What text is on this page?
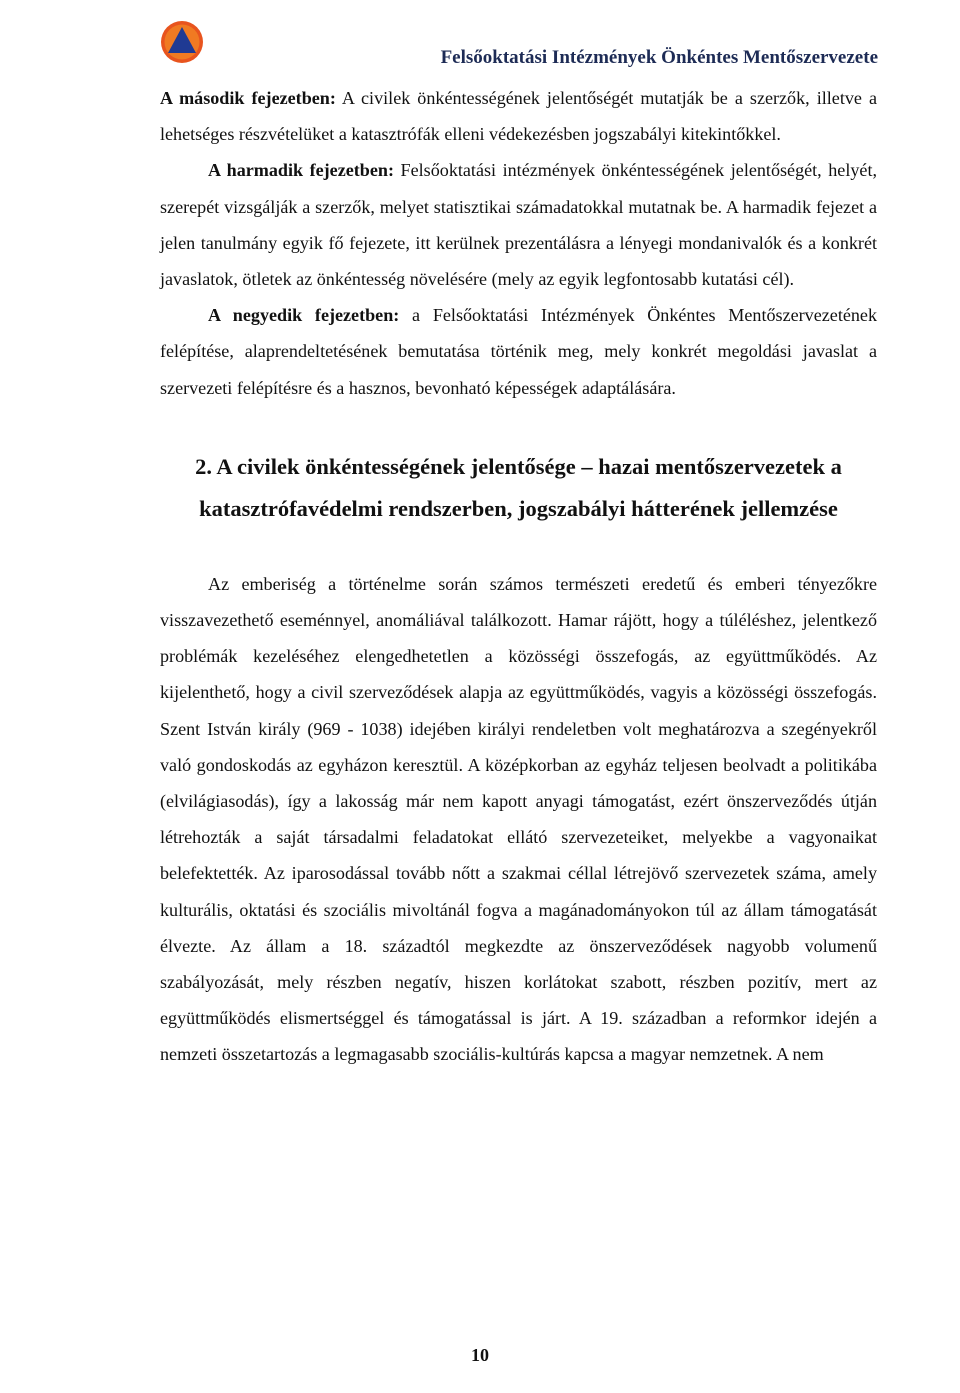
Felsőoktatási Intézmények Önkéntes Mentőszervezete

A második fejezetben: A civilek önkéntességének jelentőségét mutatják be a szerzők, illetve a lehetséges részvételüket a katasztrófák elleni védekezésben jogszabályi kitekintőkkel.

A harmadik fejezetben: Felsőoktatási intézmények önkéntességének jelentőségét, helyét, szerepét vizsgálják a szerzők, melyet statisztikai számadatokkal mutatnak be. A harmadik fejezet a jelen tanulmány egyik fő fejezete, itt kerülnek prezentálásra a lényegi mondanivalók és a konkrét javaslatok, ötletek az önkéntesség növelésére (mely az egyik legfontosabb kutatási cél).

A negyedik fejezetben: a Felsőoktatási Intézmények Önkéntes Mentőszervezetének felépítése, alaprendeltetésének bemutatása történik meg, mely konkrét megoldási javaslat a szervezeti felépítésre és a hasznos, bevonható képességek adaptálására.

2. A civilek önkéntességének jelentősége – hazai mentőszervezetek a katasztrófavédelmi rendszerben, jogszabályi hátterének jellemzése

Az emberiség a történelme során számos természeti eredetű és emberi tényezőkre visszavezethető eseménnyel, anomáliával találkozott. Hamar rájött, hogy a túléléshez, jelentkező problémák kezeléséhez elengedhetetlen a közösségi összefogás, az együttműködés. Az kijelenthető, hogy a civil szerveződések alapja az együttműködés, vagyis a közösségi összefogás. Szent István király (969 - 1038) idejében királyi rendeletben volt meghatározva a szegényekről való gondoskodás az egyházon keresztül. A középkorban az egyház teljesen beolvadt a politikába (elvilágiasodás), így a lakosság már nem kapott anyagi támogatást, ezért önszerveződés útján létrehozták a saját társadalmi feladatokat ellátó szervezeteiket, melyekbe a vagyonaikat belefektették. Az iparosodással tovább nőtt a szakmai céllal létrejövő szervezetek száma, amely kulturális, oktatási és szociális mivoltánál fogva a magánadományokon túl az állam támogatását élvezte. Az állam a 18. századtól megkezdte az önszerveződések nagyobb volumenű szabályozását, mely részben negatív, hiszen korlátokat szabott, részben pozitív, mert az együttműködés elismertséggel és támogatással is járt. A 19. században a reformkor idején a nemzeti összetartozás a legmagasabb szociális-kultúrás kapcsa a magyar nemzetnek. A nem

10
